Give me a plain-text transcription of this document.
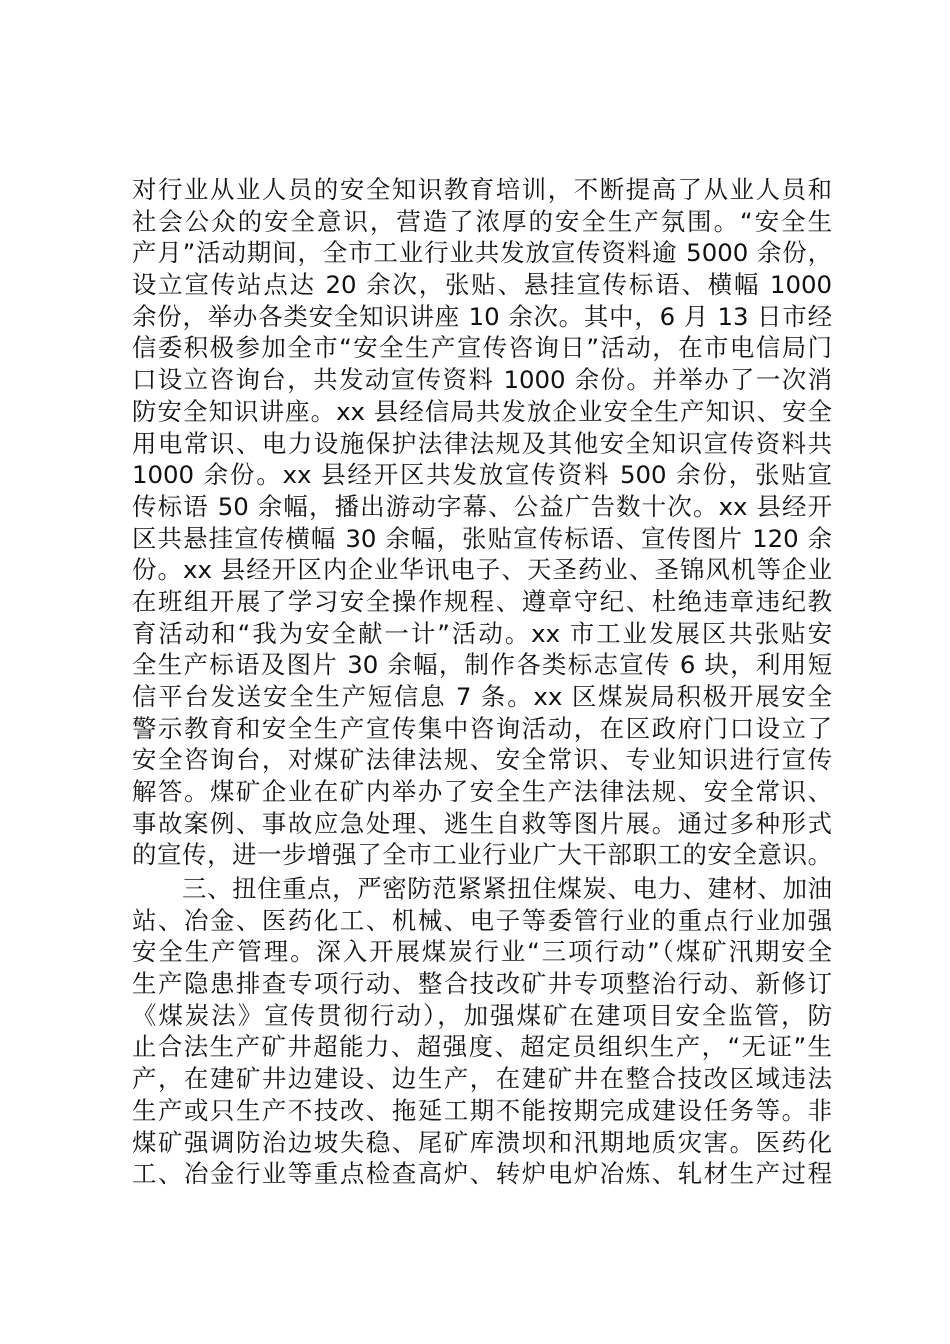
对行业从业人员的安全知识教育培训，不断提高了从业人员和
社会公众的安全意识，营造了浓厚的安全生产氛围。“安全生
产月”活动期间，全市工业行业共发放宣传资料逾 5000 余份，
设立宣传站点达 20 余次，张贴、悬挂宣传标语、横幅 1000
余份，举办各类安全知识讲座 10 余次。其中，6 月 13 日市经
信委积极参加全市“安全生产宣传咨询日”活动，在市电信局门
口设立咨询台，共发动宣传资料 1000 余份。并举办了一次消
防安全知识讲座。xx 县经信局共发放企业安全生产知识、安全
用电常识、电力设施保护法律法规及其他安全知识宣传资料共
1000 余份。xx 县经开区共发放宣传资料 500 余份，张贴宣
传标语 50 余幅，播出游动字幕、公益广告数十次。xx 县经开
区共悬挂宣传横幅 30 余幅，张贴宣传标语、宣传图片 120 余
份。xx 县经开区内企业华讯电子、天圣药业、圣锦风机等企业
在班组开展了学习安全操作规程、遵章守纪、杜绝违章违纪教
育活动和“我为安全献一计”活动。xx 市工业发展区共张贴安
全生产标语及图片 30 余幅，制作各类标志宣传 6 块，利用短
信平台发送安全生产短信息 7 条。xx 区煤炭局积极开展安全
警示教育和安全生产宣传集中咨询活动，在区政府门口设立了
安全咨询台，对煤矿法律法规、安全常识、专业知识进行宣传
解答。煤矿企业在矿内举办了安全生产法律法规、安全常识、
事故案例、事故应急处理、逃生自救等图片展。通过多种形式
的宣传，进一步增强了全市工业行业广大干部职工的安全意识。
　　三、扭住重点，严密防范紧紧扭住煤炭、电力、建材、加油
站、冶金、医药化工、机械、电子等委管行业的重点行业加强
安全生产管理。深入开展煤炭行业“三项行动”（煤矿汛期安全
生产隐患排查专项行动、整合技改矿井专项整治行动、新修订
《煤炭法》宣传贯彻行动），加强煤矿在建项目安全监管，防
止合法生产矿井超能力、超强度、超定员组织生产，“无证”生
产，在建矿井边建设、边生产，在建矿井在整合技改区域违法
生产或只生产不技改、拖延工期不能按期完成建设任务等。非
煤矿强调防治边坡失稳、尾矿库溃坝和汛期地质灾害。医药化
工、冶金行业等重点检查高炉、转炉电炉冶炼、轧材生产过程
